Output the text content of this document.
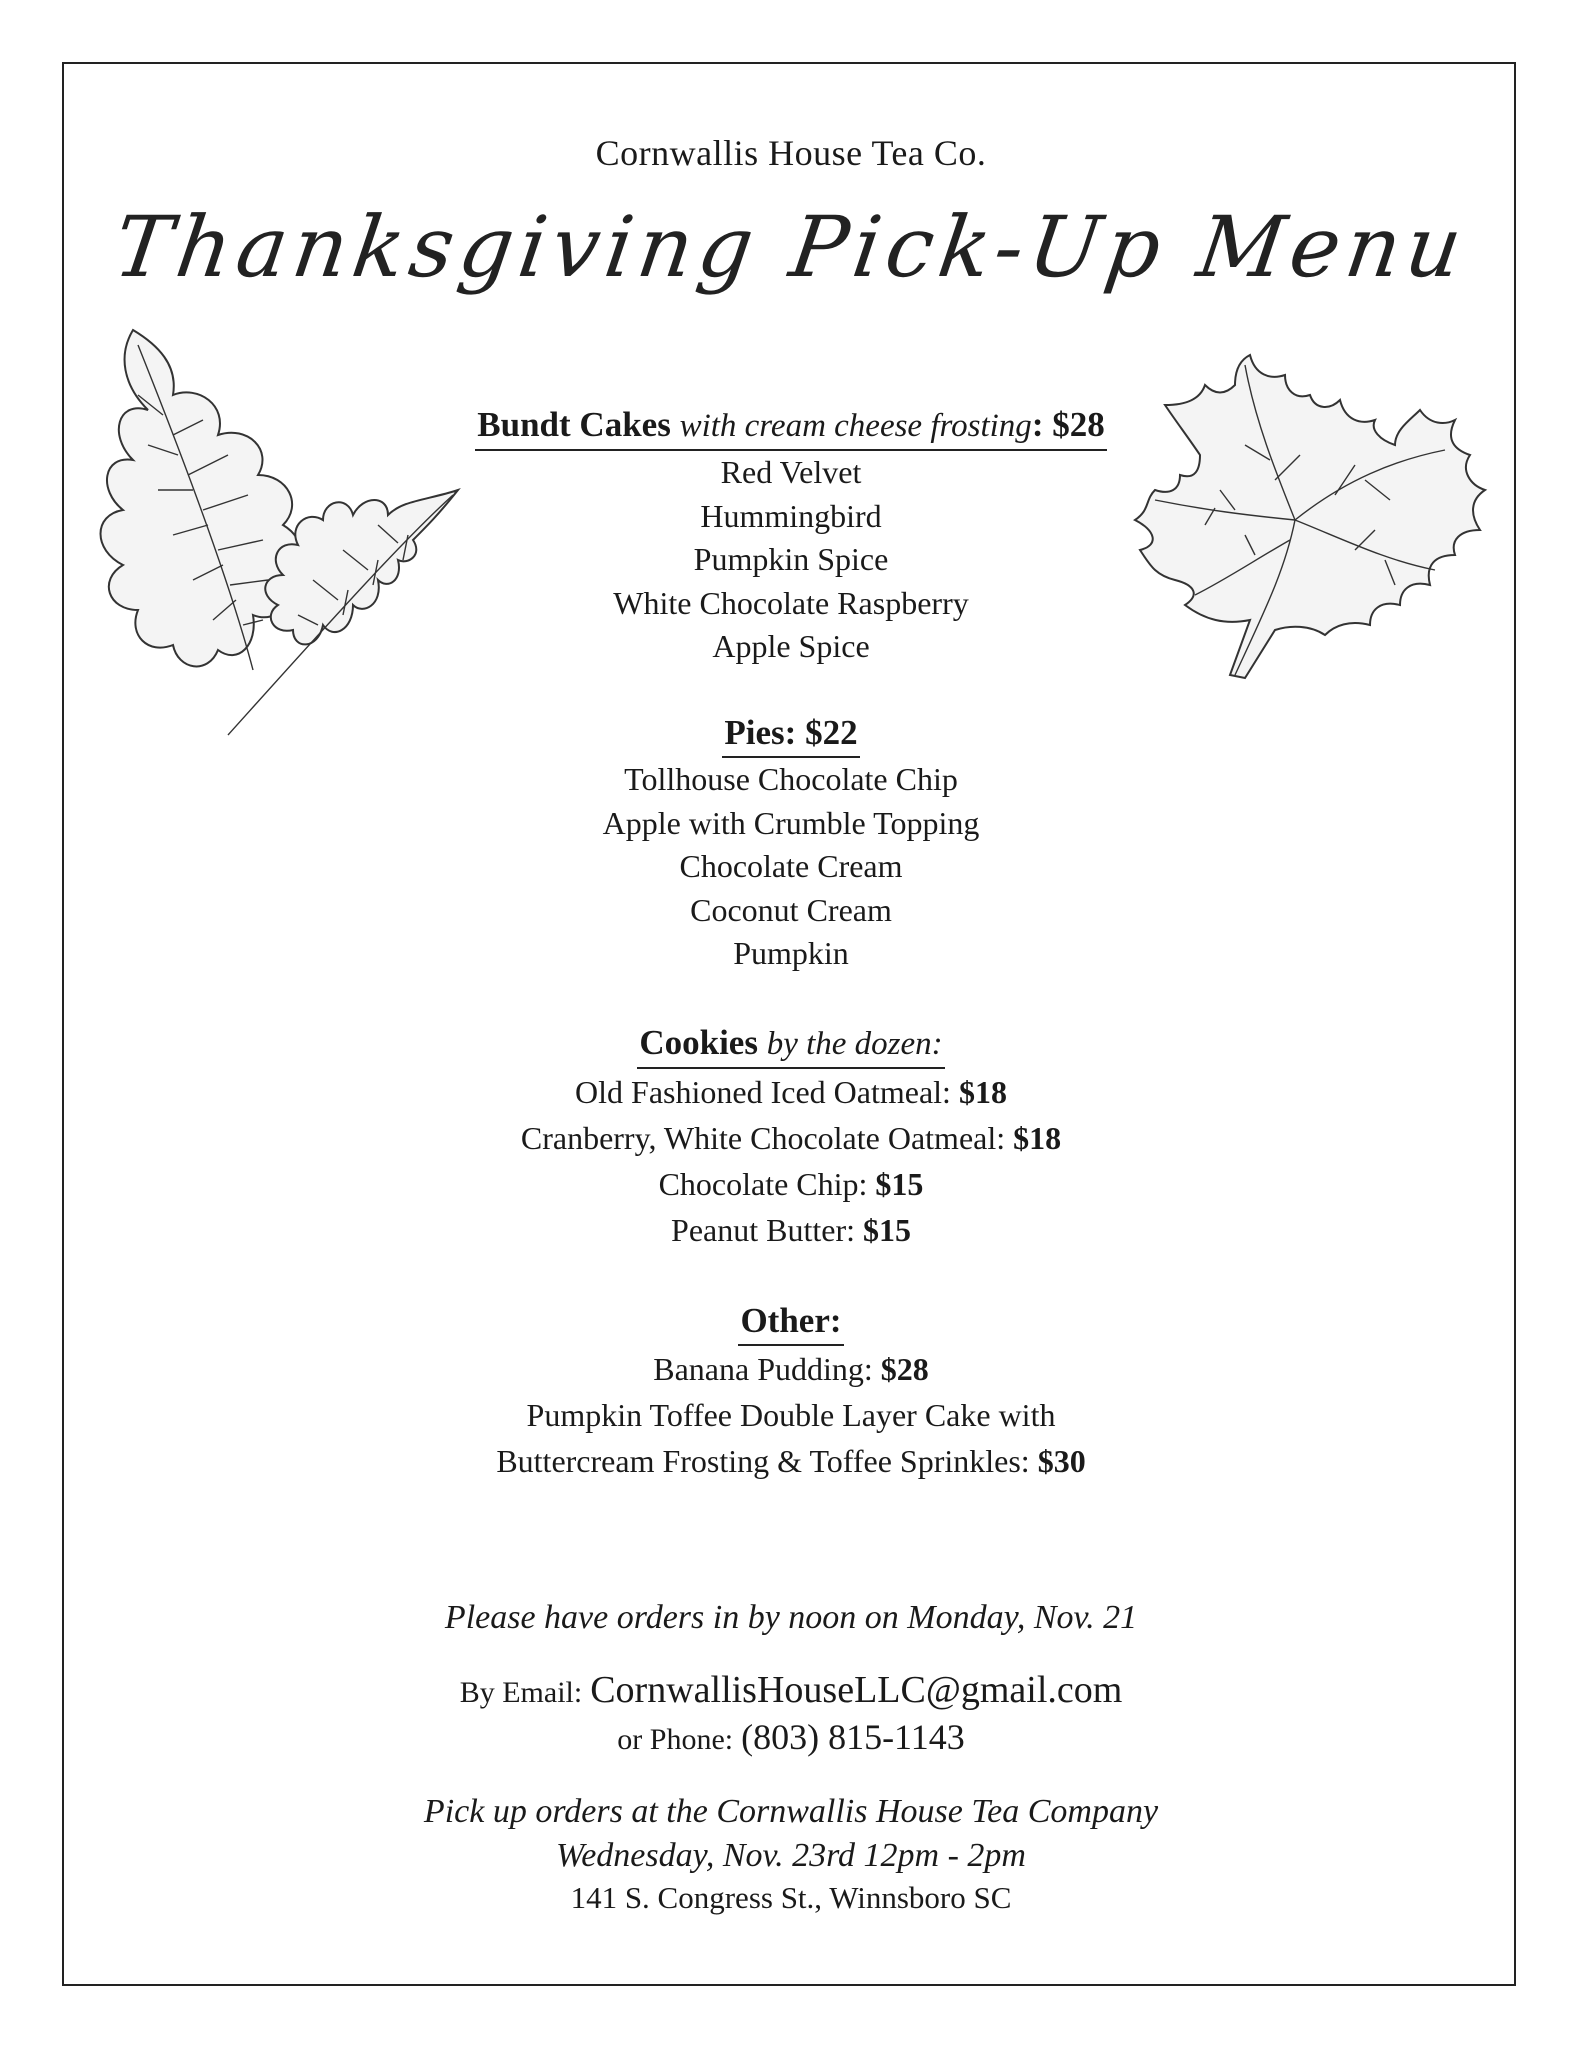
Cornwallis House Tea Co.
Thanksgiving Pick-Up Menu
Bundt Cakes with cream cheese frosting: $28
Red Velvet
Hummingbird
Pumpkin Spice
White Chocolate Raspberry
Apple Spice
Pies: $22
Tollhouse Chocolate Chip
Apple with Crumble Topping
Chocolate Cream
Coconut Cream
Pumpkin
Cookies by the dozen:
Old Fashioned Iced Oatmeal: $18
Cranberry, White Chocolate Oatmeal: $18
Chocolate Chip: $15
Peanut Butter: $15
Other:
Banana Pudding: $28
Pumpkin Toffee Double Layer Cake with
Buttercream Frosting & Toffee Sprinkles: $30
Please have orders in by noon on Monday, Nov. 21
By Email: CornwallisHouseLLC@gmail.com
or Phone: (803) 815-1143
Pick up orders at the Cornwallis House Tea Company
Wednesday, Nov. 23rd 12pm - 2pm
141 S. Congress St., Winnsboro SC
